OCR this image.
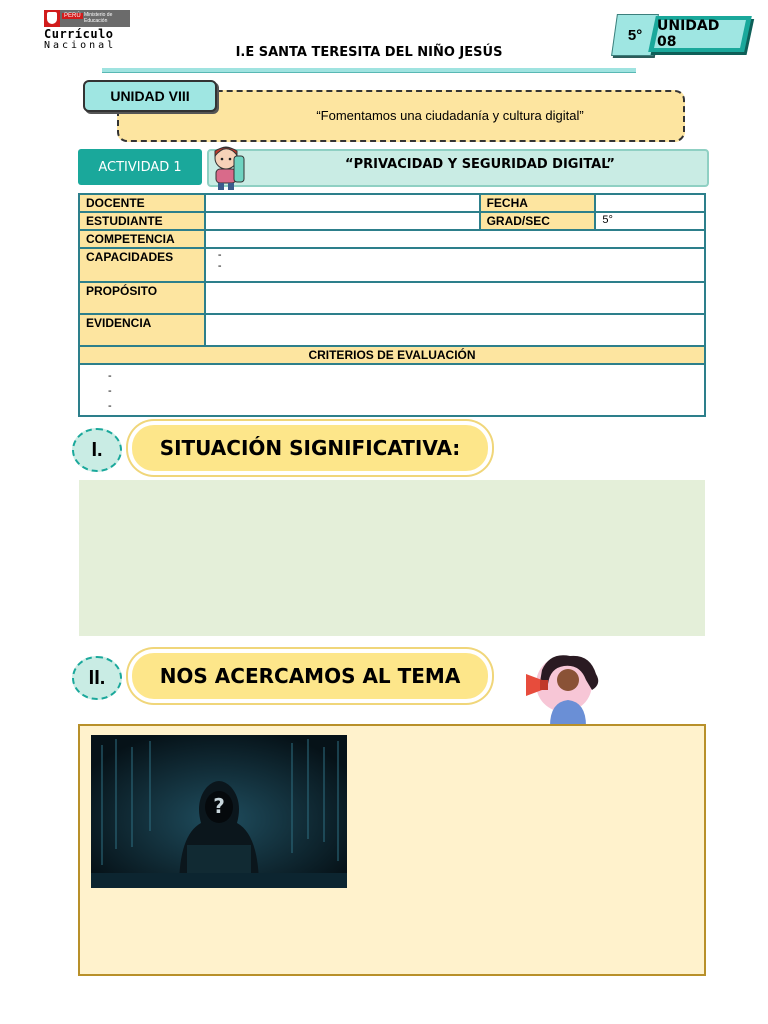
PERÚ Ministerio de Educación
Currículo
Nacional	I.E SANTA TERESITA DEL NIÑO JESÚS
5°
UNIDAD 08
UNIDAD VIII
“Fomentamos una ciudadanía y cultura digital”
ACTIVIDAD 1	“PRIVACIDAD Y SEGURIDAD DIGITAL”
DOCENTE		FECHA	
ESTUDIANTE		GRAD/SEC	5°
COMPETENCIA			
CAPACIDADES	-
-		

PROPÓSITO			
EVIDENCIA			
CRITERIOS DE EVALUACIÓN			

-
-
-			
I.	SITUACIÓN SIGNIFICATIVA:
II.	NOS ACERCAMOS AL TEMA
?
